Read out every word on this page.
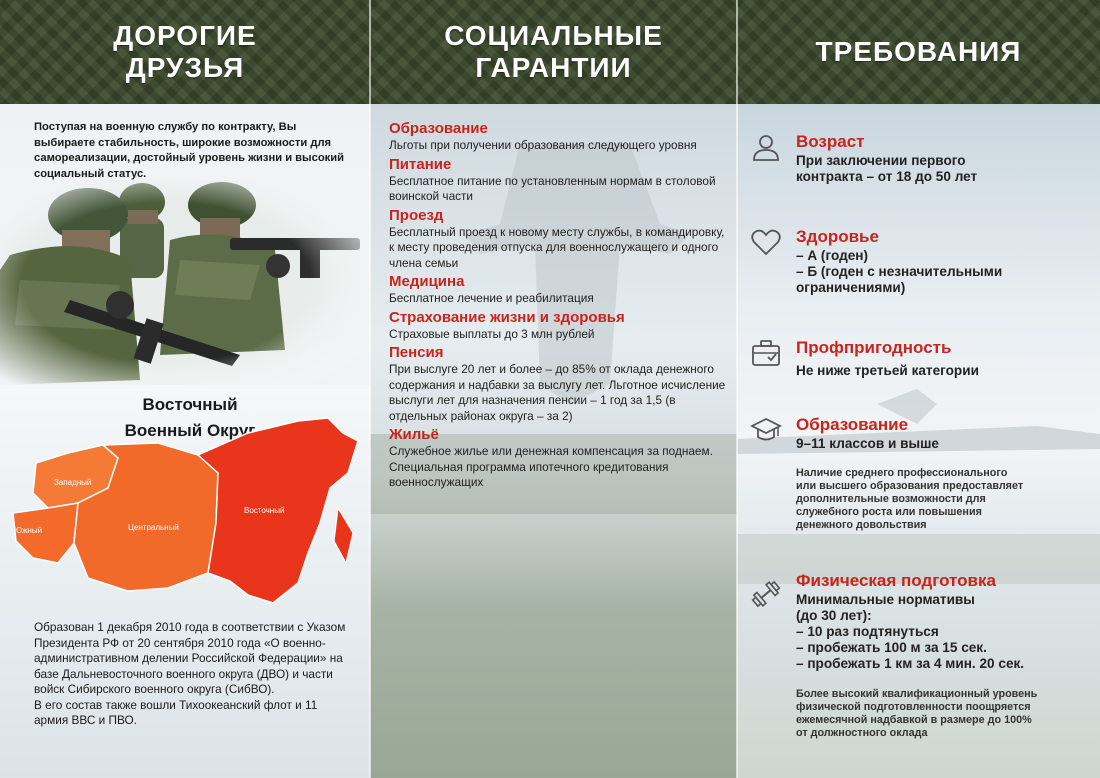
ДОРОГИЕ
ДРУЗЬЯ
Поступая на военную службу по контракту, Вы выбираете стабильность, широкие возможности для самореализации, достойный уровень жизни и высокий социальный статус.
Восточный
Военный Округ
Западный
Южный	Центральный
Восточный
Образован 1 декабря 2010 года в соответствии с Указом Президента РФ от 20 сентября 2010 года «О военно-административном делении Российской Федерации» на базе Дальневосточного военного округа (ДВО) и части войск Сибирского военного округа (СибВО).
В его состав также вошли Тихоокеанский флот и 11 армия ВВС и ПВО.
СОЦИАЛЬНЫЕ
ГАРАНТИИ
ТРЕБОВАНИЯ
Образование
Льготы при получении образования следующего уровня
Питание
Бесплатное питание по установленным нормам в столовой воинской части
Проезд
Бесплатный проезд к новому месту службы, в командировку, к месту проведения отпуска для военнослужащего и одного члена семьи
Медицина
Бесплатное лечение и реабилитация
Страхование жизни и здоровья
Страховые выплаты до 3 млн рублей
Пенсия
При выслуге 20 лет и более – до 85% от оклада денежного содержания и надбавки за выслугу лет. Льготное исчисление выслуги лет для назначения пенсии – 1 год за 1,5 (в отдельных районах округа – за 2)
Жильё
Служебное жилье или денежная компенсация за поднаем. Специальная программа ипотечного кредитования военнослужащих
Возраст
При заключении первого
контракта – от 18 до 50 лет
Здоровье
– А (годен)
– Б (годен с незначительными
ограничениями)
Профпригодность
Не ниже третьей категории
Образование
9–11 классов и выше
Наличие среднего профессионального
или высшего образования предоставляет
дополнительные возможности для
служебного роста или повышения
денежного довольствия
Физическая подготовка
Минимальные нормативы
(до 30 лет):
– 10 раз подтянуться
– пробежать 100 м за 15 сек.
– пробежать 1 км за 4 мин. 20 сек.
Более высокий квалификационный уровень
физической подготовленности поощряется
ежемесячной надбавкой в размере до 100%
от должностного оклада
